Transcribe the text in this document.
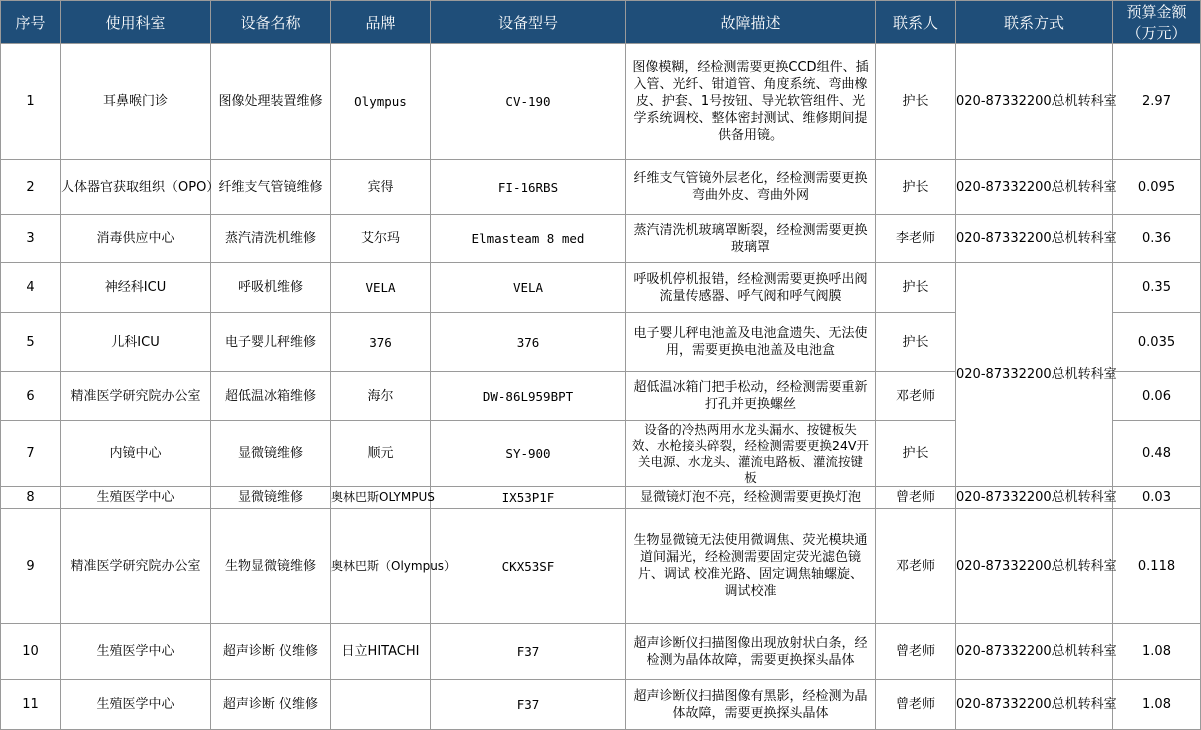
序号	使用科室	设备名称	品牌	设备型号	故障描述	联系人	联系方式	预算金额（万元）
1	耳鼻喉门诊	图像处理装置维修	Olympus	CV-190	图像模糊，经检测需要更换CCD组件、插入管、光纤、钳道管、角度系统、弯曲橡皮、护套、1号按钮、导光软管组件、光学系统调校、整体密封测试、维修期间提供备用镜。	护长	020-87332200总机转科室	2.97
2	人体器官获取组织（OPO）	纤维支气管镜维修	宾得	FI-16RBS	纤维支气管镜外层老化，经检测需要更换弯曲外皮、弯曲外网	护长	020-87332200总机转科室	0.095
3	消毒供应中心	蒸汽清洗机维修	艾尔玛	Elmasteam 8 med	蒸汽清洗机玻璃罩断裂，经检测需要更换玻璃罩	李老师	020-87332200总机转科室	0.36
4	神经科ICU	呼吸机维修	VELA	VELA	呼吸机停机报错，经检测需要更换呼出阀流量传感器、呼气阀和呼气阀膜	护长	020-87332200总机转科室	0.35
5	儿科ICU	电子婴儿秤维修	376	376	电子婴儿秤电池盖及电池盒遗失、无法使用，需要更换电池盖及电池盒	护长		0.035
6	精准医学研究院办公室	超低温冰箱维修	海尔	DW-86L959BPT	超低温冰箱门把手松动，经检测需要重新打孔并更换螺丝	邓老师		0.06
7	内镜中心	显微镜维修	顺元	SY-900	设备的冷热两用水龙头漏水、按键板失效、水枪接头碎裂，经检测需要更换24V开关电源、水龙头、灌流电路板、灌流按键板	护长		0.48
8	生殖医学中心	显微镜维修	奥林巴斯OLYMPUS	IX53P1F	显微镜灯泡不亮，经检测需要更换灯泡	曾老师	020-87332200总机转科室	0.03
9	精准医学研究院办公室	生物显微镜维修	奥林巴斯（Olympus）	CKX53SF	生物显微镜无法使用微调焦、荧光模块通道间漏光，经检测需要固定荧光滤色镜片、调试 校准光路、固定调焦轴螺旋、调试校准	邓老师	020-87332200总机转科室	0.118
10	生殖医学中心	超声诊断 仪维修	日立HITACHI	F37	超声诊断仪扫描图像出现放射状白条，经检测为晶体故障，需要更换探头晶体	曾老师	020-87332200总机转科室	1.08
11	生殖医学中心	超声诊断 仪维修		F37	超声诊断仪扫描图像有黑影，经检测为晶体故障，需要更换探头晶体	曾老师	020-87332200总机转科室	1.08
